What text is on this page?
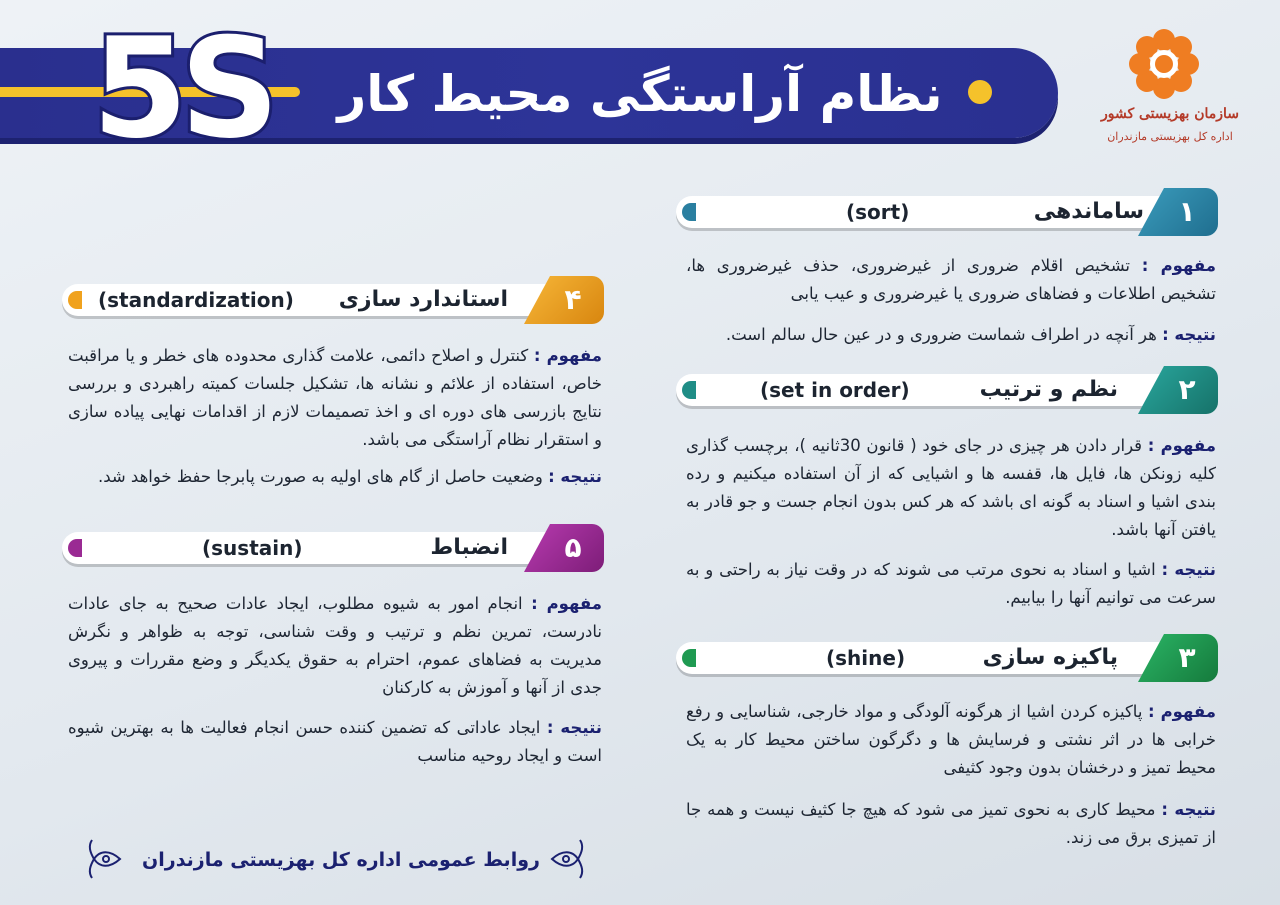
نظام آراستگی محیط کار
5S	سازمان بهزیستی کشور
اداره کل بهزیستی مازندران
۱
ساماندهی
(sort)
مفهوم : تشخیص اقلام ضروری از غیرضروری، حذف غیرضروری ها، تشخیص اطلاعات و فضاهای ضروری یا غیرضروری و عیب یابی
نتیجه : هر آنچه در اطراف شماست ضروری و در عین حال سالم است.
۲
نظم و ترتیب
(set in order)
مفهوم : قرار دادن هر چیزی در جای خود ( قانون 30ثانیه )، برچسب گذاری کلیه زونکن ها، فایل ها، قفسه ها و اشیایی که از آن استفاده میکنیم و رده بندی اشیا و اسناد به گونه ای باشد که هر کس بدون انجام جست و جو قادر به یافتن آنها باشد.
نتیجه : اشیا و اسناد به نحوی مرتب می شوند که در وقت نیاز به راحتی و به سرعت می توانیم آنها را بیابیم.
۳
پاکیزه سازی
(shine)
مفهوم : پاکیزه کردن اشیا از هرگونه آلودگی و مواد خارجی، شناسایی و رفع خرابی ها در اثر نشتی و فرسایش ها و دگرگون ساختن محیط کار به یک محیط تمیز و درخشان بدون وجود کثیفی
نتیجه : محیط کاری به نحوی تمیز می شود که هیچ جا کثیف نیست و همه جا از تمیزی برق می زند.
۴
استاندارد سازی
(standardization)
مفهوم : کنترل و اصلاح دائمی، علامت گذاری محدوده های خطر و یا مراقبت خاص، استفاده از علائم و نشانه ها، تشکیل جلسات کمیته راهبردی و بررسی نتایج بازرسی های دوره ای و اخذ تصمیمات لازم از اقدامات نهایی پیاده سازی و استقرار نظام آراستگی می باشد.
نتیجه : وضعیت حاصل از گام های اولیه به صورت پابرجا حفظ خواهد شد.
۵
انضباط
(sustain)
مفهوم : انجام امور به شیوه مطلوب، ایجاد عادات صحیح به جای عادات نادرست، تمرین نظم و ترتیب و وقت شناسی، توجه به ظواهر و نگرش مدیریت به فضاهای عموم، احترام به حقوق یکدیگر و وضع مقررات و پیروی جدی از آنها و آموزش به کارکنان
نتیجه : ایجاد عاداتی که تضمین کننده حسن انجام فعالیت ها به بهترین شیوه است و ایجاد روحیه مناسب
روابط عمومی اداره کل بهزیستی مازندران
